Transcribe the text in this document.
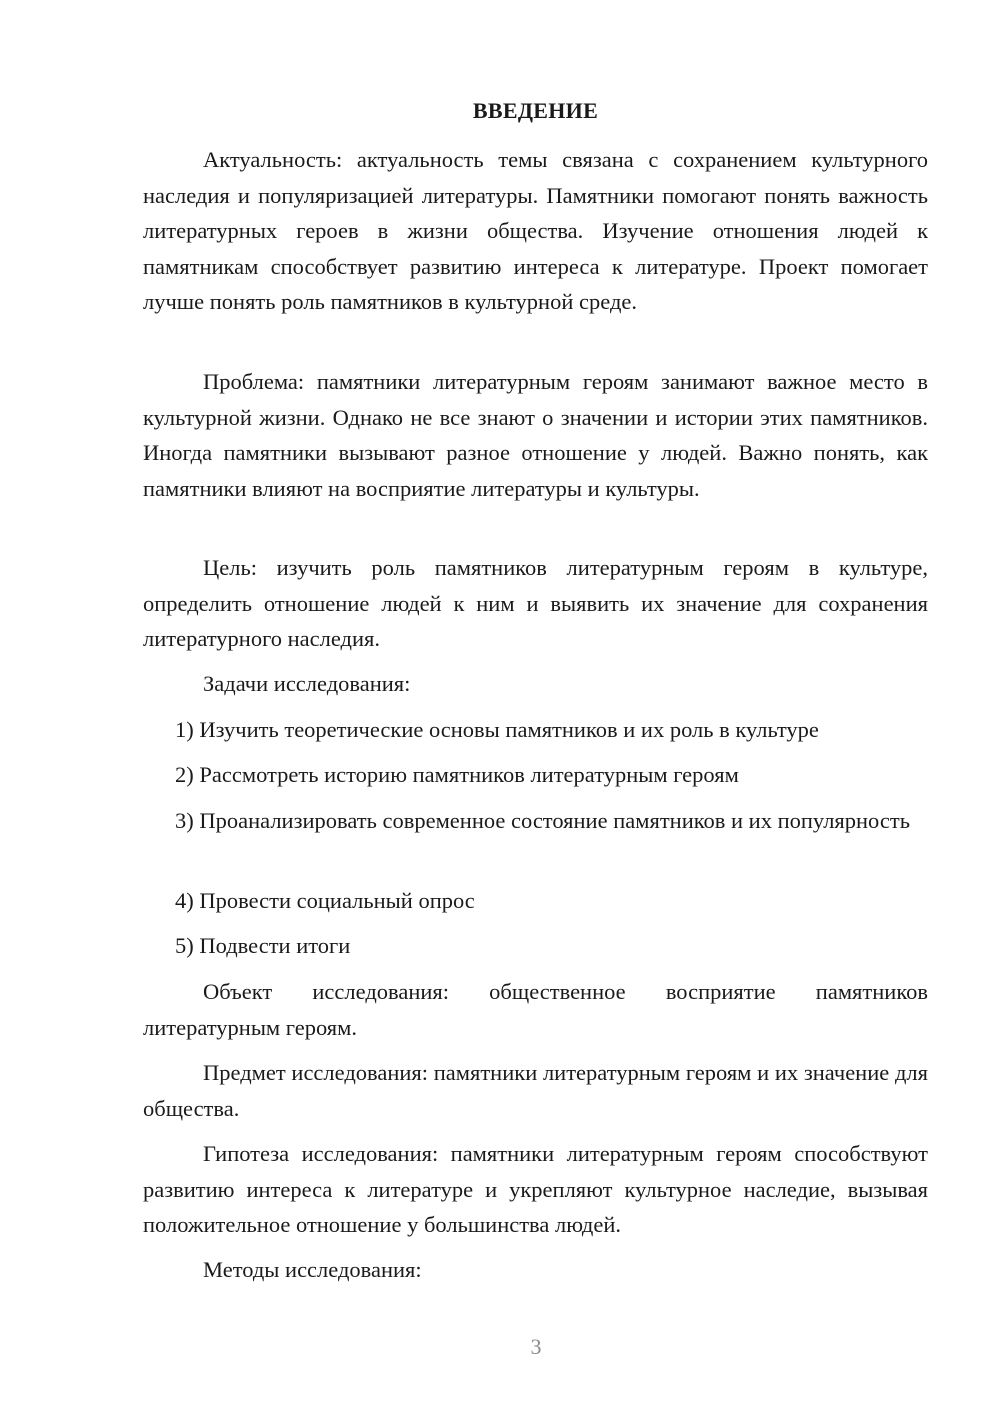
ВВЕДЕНИЕ

Актуальность: актуальность темы связана с сохранением культурного наследия и популяризацией литературы. Памятники помогают понять важность литературных героев в жизни общества. Изучение отношения людей к памятникам способствует развитию интереса к литературе. Проект помогает лучше понять роль памятников в культурной среде.

Проблема: памятники литературным героям занимают важное место в культурной жизни. Однако не все знают о значении и истории этих памятников. Иногда памятники вызывают разное отношение у людей. Важно понять, как памятники влияют на восприятие литературы и культуры.

Цель: изучить роль памятников литературным героям в культуре, определить отношение людей к ним и выявить их значение для сохранения литературного наследия.

Задачи исследования:

1) Изучить теоретические основы памятников и их роль в культуре

2) Рассмотреть историю памятников литературным героям

3) Проанализировать современное состояние памятников и их популярность

4) Провести социальный опрос

5) Подвести итоги

Объект исследования: общественное восприятие памятников литературным героям.

Предмет исследования: памятники литературным героям и их значение для общества.

Гипотеза исследования: памятники литературным героям способствуют развитию интереса к литературе и укрепляют культурное наследие, вызывая положительное отношение у большинства людей.

Методы исследования:

3
